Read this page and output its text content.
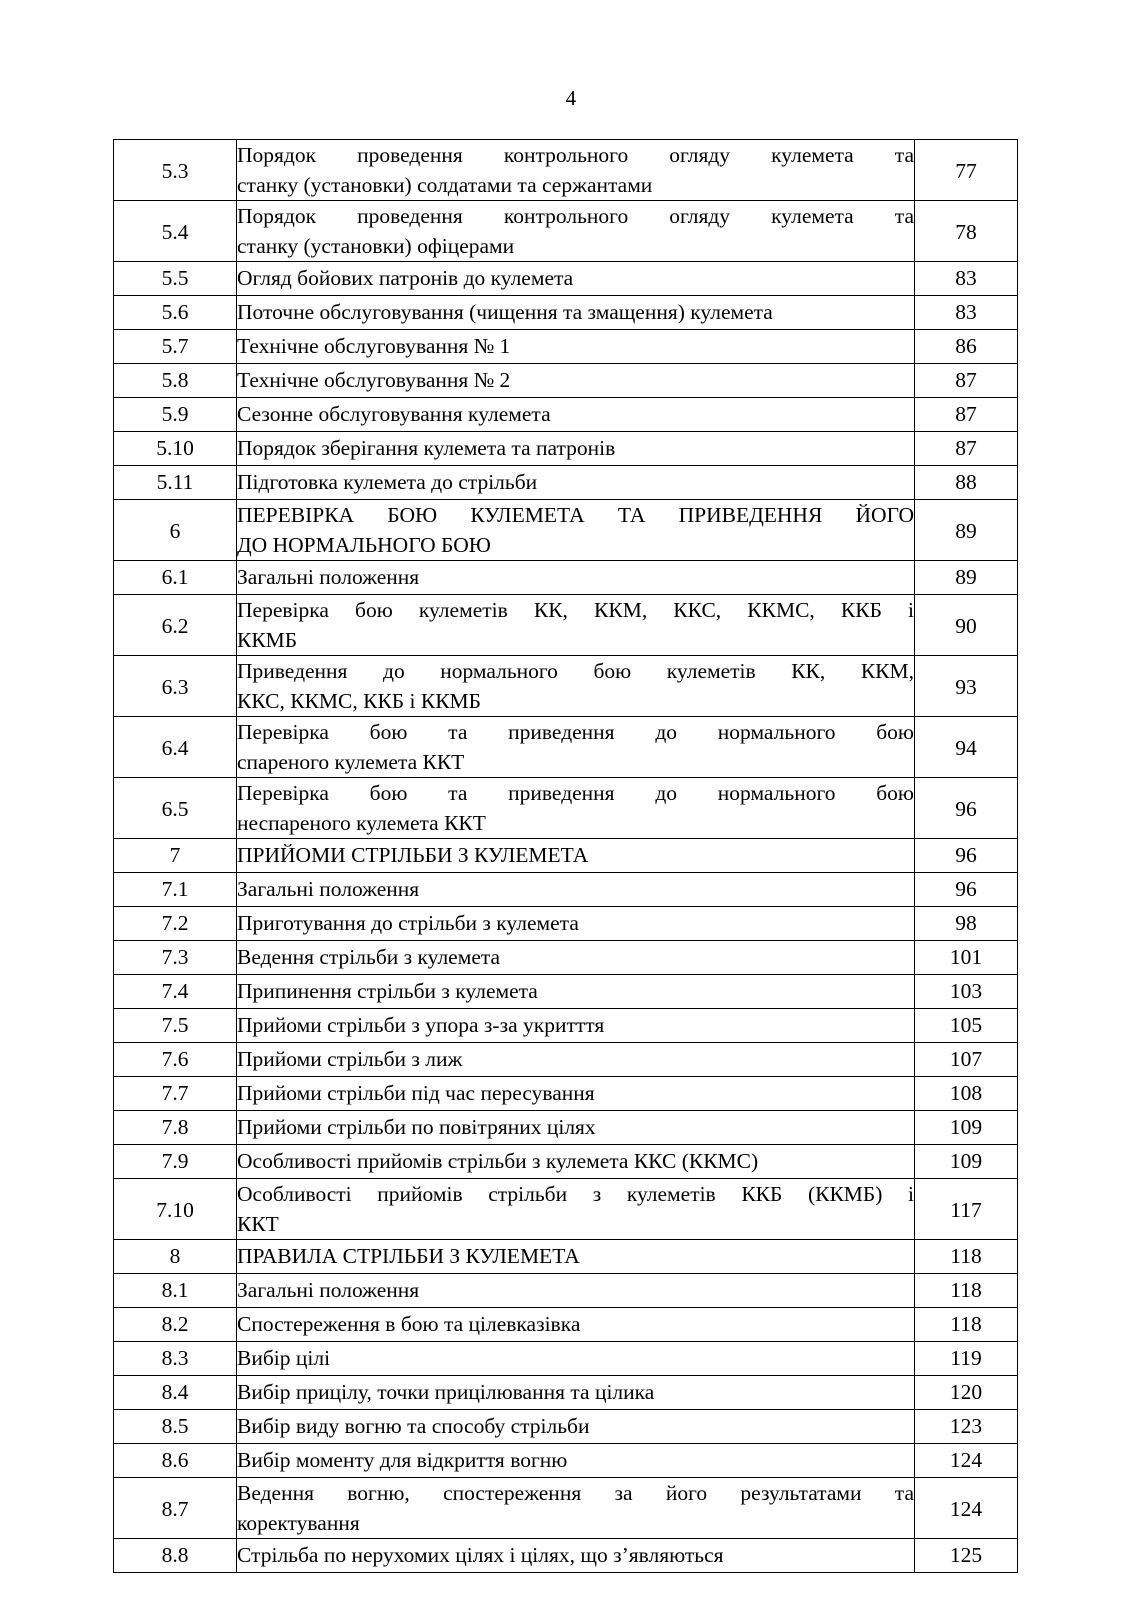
4
5.3	Порядок проведення контрольного огляду кулемета та
станку (установки) солдатами та сержантами	77
5.4	Порядок проведення контрольного огляду кулемета та
станку (установки) офіцерами	78
5.5	Огляд бойових патронів до кулемета	83
5.6	Поточне обслуговування (чищення та змащення) кулемета	83
5.7	Технічне обслуговування № 1	86
5.8	Технічне обслуговування № 2	87
5.9	Сезонне обслуговування кулемета	87
5.10	Порядок зберігання кулемета та патронів	87
5.11	Підготовка кулемета до стрільби	88
6	ПЕРЕВІРКА БОЮ КУЛЕМЕТА ТА ПРИВЕДЕННЯ ЙОГО
ДО НОРМАЛЬНОГО БОЮ	89
6.1	Загальні положення	89
6.2	Перевірка бою кулеметів КК, ККМ, ККС, ККМС, ККБ і
ККМБ	90
6.3	Приведення до нормального бою кулеметів КК, ККМ,
ККС, ККМС, ККБ і ККМБ	93
6.4	Перевірка бою та приведення до нормального бою
спареного кулемета ККТ	94
6.5	Перевірка бою та приведення до нормального бою
неспареного кулемета ККТ	96
7	ПРИЙОМИ СТРІЛЬБИ З КУЛЕМЕТА	96
7.1	Загальні положення	96
7.2	Приготування до стрільби з кулемета	98
7.3	Ведення стрільби з кулемета	101
7.4	Припинення стрільби з кулемета	103
7.5	Прийоми стрільби з упора з-за укритття	105
7.6	Прийоми стрільби з лиж	107
7.7	Прийоми стрільби під час пересування	108
7.8	Прийоми стрільби по повітряних цілях	109
7.9	Особливості прийомів стрільби з кулемета ККС (ККМС)	109
7.10	Особливості прийомів стрільби з кулеметів ККБ (ККМБ) і
ККТ	117
8	ПРАВИЛА СТРІЛЬБИ З КУЛЕМЕТА	118
8.1	Загальні положення	118
8.2	Спостереження в бою та цілевказівка	118
8.3	Вибір цілі	119
8.4	Вибір прицілу, точки прицілювання та цілика	120
8.5	Вибір виду вогню та способу стрільби	123
8.6	Вибір моменту для відкриття вогню	124
8.7	Ведення вогню, спостереження за його результатами та
коректування	124
8.8	Стрільба по нерухомих цілях і цілях, що з’являються	125
